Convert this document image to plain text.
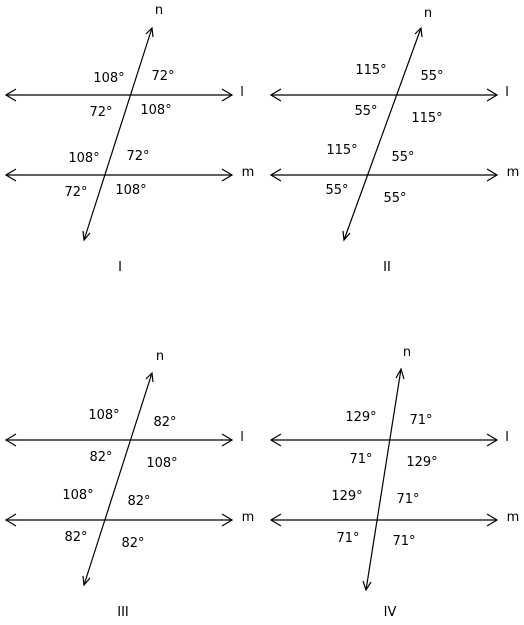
n
l
m
108° 72°
72° 108°
108° 72°
72° 108°
I
n
l
m
115°	55°
55°	115°
115°	55°
55°
55°
II
n
l
m
108°	82°
82°	108°
108°	82°
82°	82°
III
n
l
m
129°	71°
71°	129°
129°	71°
71°	71°
IV
